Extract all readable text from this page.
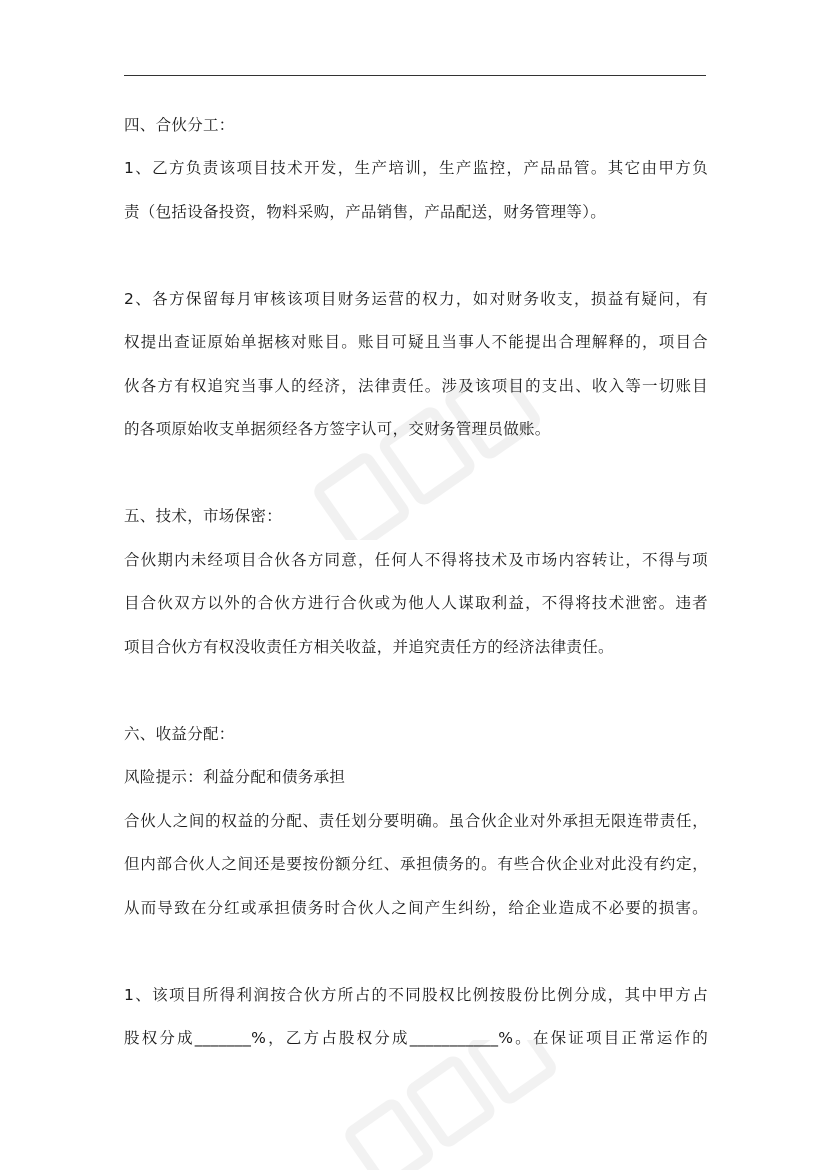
四、合伙分工：
1、乙方负责该项目技术开发，生产培训，生产监控，产品品管。其它由甲方负
责（包括设备投资，物料采购，产品销售，产品配送，财务管理等）。
2、各方保留每月审核该项目财务运营的权力，如对财务收支，损益有疑问，有
权提出查证原始单据核对账目。账目可疑且当事人不能提出合理解释的，项目合
伙各方有权追究当事人的经济，法律责任。涉及该项目的支出、收入等一切账目
的各项原始收支单据须经各方签字认可，交财务管理员做账。
五、技术，市场保密：
合伙期内未经项目合伙各方同意，任何人不得将技术及市场内容转让，不得与项
目合伙双方以外的合伙方进行合伙或为他人人谋取利益，不得将技术泄密。违者
项目合伙方有权没收责任方相关收益，并追究责任方的经济法律责任。
六、收益分配：
风险提示：利益分配和债务承担
合伙人之间的权益的分配、责任划分要明确。虽合伙企业对外承担无限连带责任，
但内部合伙人之间还是要按份额分红、承担债务的。有些合伙企业对此没有约定，
从而导致在分红或承担债务时合伙人之间产生纠纷，给企业造成不必要的损害。
1、该项目所得利润按合伙方所占的不同股权比例按股份比例分成，其中甲方占
股权分成_______%，乙方占股权分成___________%。在保证项目正常运作的
